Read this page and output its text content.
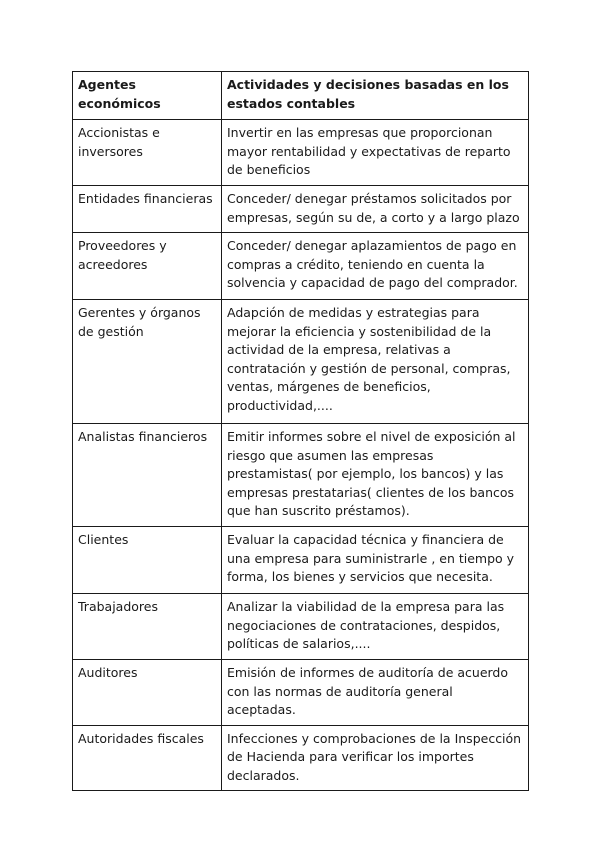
Agentes económicos	Actividades y decisiones basadas en los estados contables
Accionistas e inversores	Invertir en las empresas que proporcionan mayor rentabilidad y expectativas de reparto de beneficios
Entidades financieras	Conceder/ denegar préstamos solicitados por empresas, según su de, a corto y a largo plazo
Proveedores y acreedores	Conceder/ denegar aplazamientos de pago en compras a crédito, teniendo en cuenta la solvencia y capacidad de pago del comprador.
Gerentes y órganos de gestión	Adapción de medidas y estrategias para mejorar la eficiencia y sostenibilidad de la actividad de la empresa, relativas a contratación y gestión de personal, compras, ventas, márgenes de beneficios, productividad,....
Analistas financieros	Emitir informes sobre el nivel de exposición al riesgo que asumen las empresas prestamistas( por ejemplo, los bancos) y las empresas prestatarias( clientes de los bancos que han suscrito préstamos).
Clientes	Evaluar la capacidad técnica y financiera de una empresa para suministrarle , en tiempo y forma, los bienes y servicios que necesita.
Trabajadores	Analizar la viabilidad de la empresa para las negociaciones de contrataciones, despidos, políticas de salarios,....
Auditores	Emisión de informes de auditoría de acuerdo con las normas de auditoría general aceptadas.
Autoridades fiscales	Infecciones y comprobaciones de la Inspección de Hacienda para verificar los importes declarados.
